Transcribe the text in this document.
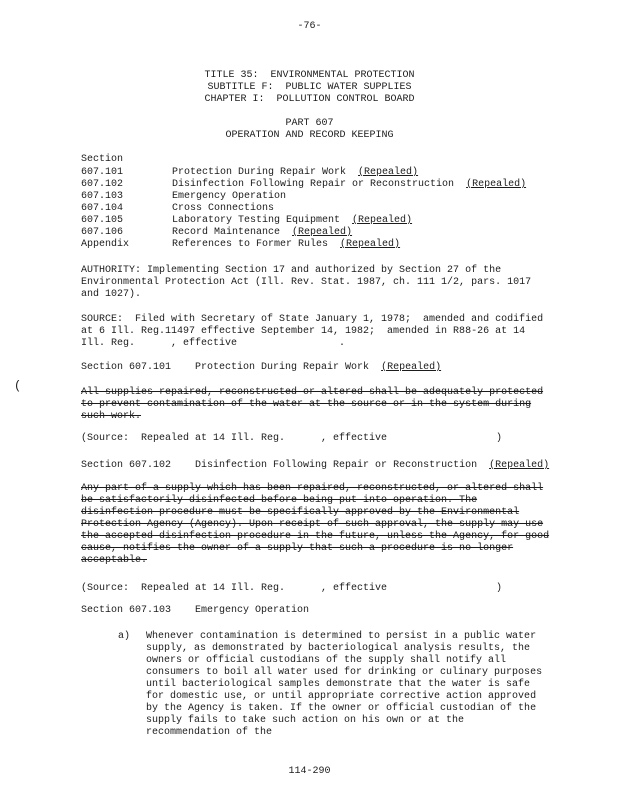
-76-
TITLE 35:  ENVIRONMENTAL PROTECTION
SUBTITLE F:  PUBLIC WATER SUPPLIES
CHAPTER I:  POLLUTION CONTROL BOARD
PART 607
OPERATION AND RECORD KEEPING
Section
607.101	Protection During Repair Work (Repealed)
607.102	Disinfection Following Repair or Reconstruction (Repealed)
607.103	Emergency Operation
607.104	Cross Connections
607.105	Laboratory Testing Equipment (Repealed)
607.106	Record Maintenance (Repealed)
Appendix	References to Former Rules (Repealed)
AUTHORITY: Implementing Section 17 and authorized by Section 27 of the Environmental Protection Act (Ill. Rev. Stat. 1987, ch. 111 1/2, pars. 1017 and 1027).
SOURCE:  Filed with Secretary of State January 1, 1978;  amended and codified
at 6 Ill. Reg.11497 effective September 14, 1982;  amended in R88-26 at 14
Ill. Reg.      , effective                 .
Section 607.101 Protection During Repair Work (Repealed)
(	All supplies repaired, reconstructed or altered shall be adequately protected to prevent contamination of the water at the source or in the system during such work.
(Source:  Repealed at 14 Ill. Reg.      , effective	)
Section 607.102 Disinfection Following Repair or Reconstruction (Repealed)
Any part of a supply which has been repaired, reconstructed, or altered shall be satisfactorily disinfected before being put into operation. The disinfection procedure must be specifically approved by the Environmental Protection Agency (Agency). Upon receipt of such approval, the supply may use the accepted disinfection procedure in the future, unless the Agency, for good cause, notifies the owner of a supply that such a procedure is no longer acceptable.
(Source:  Repealed at 14 Ill. Reg.      , effective	)
Section 607.103 Emergency Operation
a) Whenever contamination is determined to persist in a public water supply, as demonstrated by bacteriological analysis results, the owners or official custodians of the supply shall notify all consumers to boil all water used for drinking or culinary purposes until bacteriological samples demonstrate that the water is safe for domestic use, or until appropriate corrective action approved by the Agency is taken. If the owner or official custodian of the supply fails to take such action on his own or at the recommendation of the
114-290
